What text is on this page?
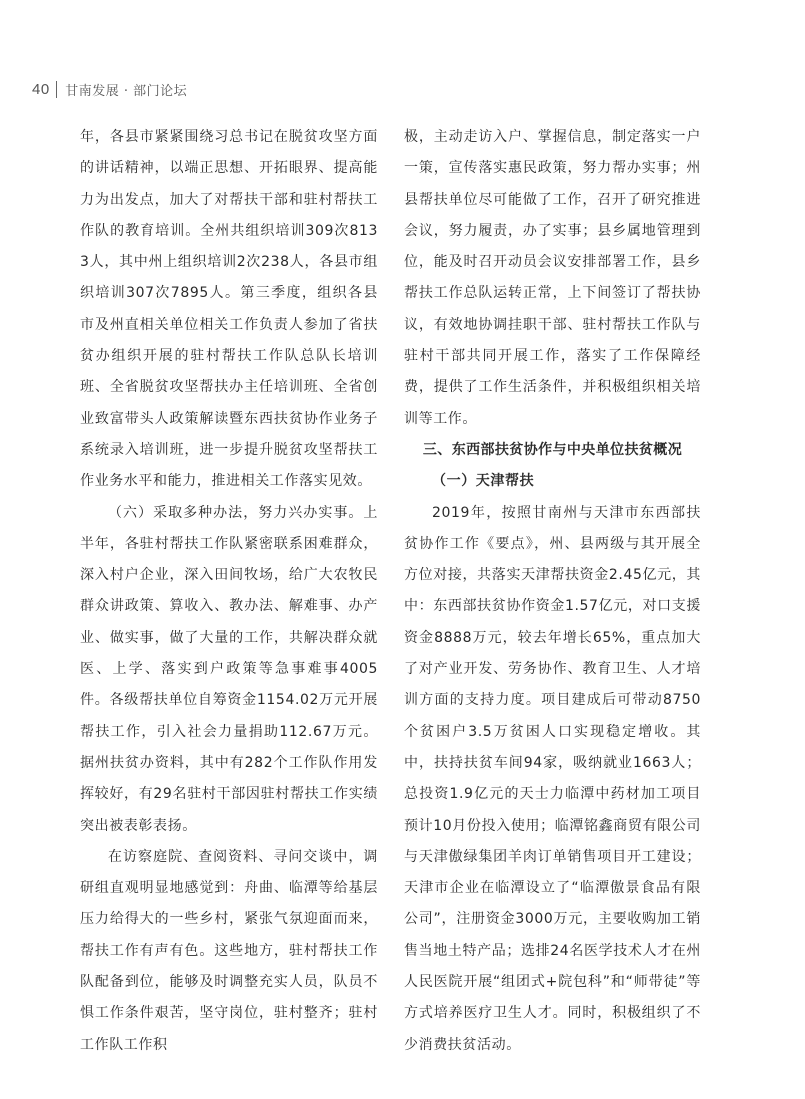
40 甘南发展 · 部门论坛

年，各县市紧紧围绕习总书记在脱贫攻坚方面的讲话精神，以端正思想、开拓眼界、提高能力为出发点，加大了对帮扶干部和驻村帮扶工作队的教育培训。全州共组织培训309次8133人，其中州上组织培训2次238人，各县市组织培训307次7895人。第三季度，组织各县市及州直相关单位相关工作负责人参加了省扶贫办组织开展的驻村帮扶工作队总队长培训班、全省脱贫攻坚帮扶办主任培训班、全省创业致富带头人政策解读暨东西扶贫协作业务子系统录入培训班，进一步提升脱贫攻坚帮扶工作业务水平和能力，推进相关工作落实见效。

（六）采取多种办法，努力兴办实事。上半年，各驻村帮扶工作队紧密联系困难群众，深入村户企业，深入田间牧场，给广大农牧民群众讲政策、算收入、教办法、解难事、办产业、做实事，做了大量的工作，共解决群众就医、上学、落实到户政策等急事难事4005件。各级帮扶单位自筹资金1154.02万元开展帮扶工作，引入社会力量捐助112.67万元。据州扶贫办资料，其中有282个工作队作用发挥较好，有29名驻村干部因驻村帮扶工作实绩突出被表彰表扬。

在访察庭院、查阅资料、寻问交谈中，调研组直观明显地感觉到：舟曲、临潭等给基层压力给得大的一些乡村，紧张气氛迎面而来，帮扶工作有声有色。这些地方，驻村帮扶工作队配备到位，能够及时调整充实人员，队员不惧工作条件艰苦，坚守岗位，驻村整齐；驻村工作队工作积

极，主动走访入户、掌握信息，制定落实一户一策，宣传落实惠民政策，努力帮办实事；州县帮扶单位尽可能做了工作，召开了研究推进会议，努力履责，办了实事；县乡属地管理到位，能及时召开动员会议安排部署工作，县乡帮扶工作总队运转正常，上下间签订了帮扶协议，有效地协调挂职干部、驻村帮扶工作队与驻村干部共同开展工作，落实了工作保障经费，提供了工作生活条件，并积极组织相关培训等工作。

三、东西部扶贫协作与中央单位扶贫概况

（一）天津帮扶

2019年，按照甘南州与天津市东西部扶贫协作工作《要点》，州、县两级与其开展全方位对接，共落实天津帮扶资金2.45亿元，其中：东西部扶贫协作资金1.57亿元，对口支援资金8888万元，较去年增长65%，重点加大了对产业开发、劳务协作、教育卫生、人才培训方面的支持力度。项目建成后可带动8750个贫困户3.5万贫困人口实现稳定增收。其中，扶持扶贫车间94家，吸纳就业1663人；总投资1.9亿元的天士力临潭中药材加工项目预计10月份投入使用；临潭铭鑫商贸有限公司与天津傲绿集团羊肉订单销售项目开工建设；天津市企业在临潭设立了“临潭傲景食品有限公司”，注册资金3000万元，主要收购加工销售当地土特产品；选排24名医学技术人才在州人民医院开展“组团式+院包科”和“师带徒”等方式培养医疗卫生人才。同时，积极组织了不少消费扶贫活动。
